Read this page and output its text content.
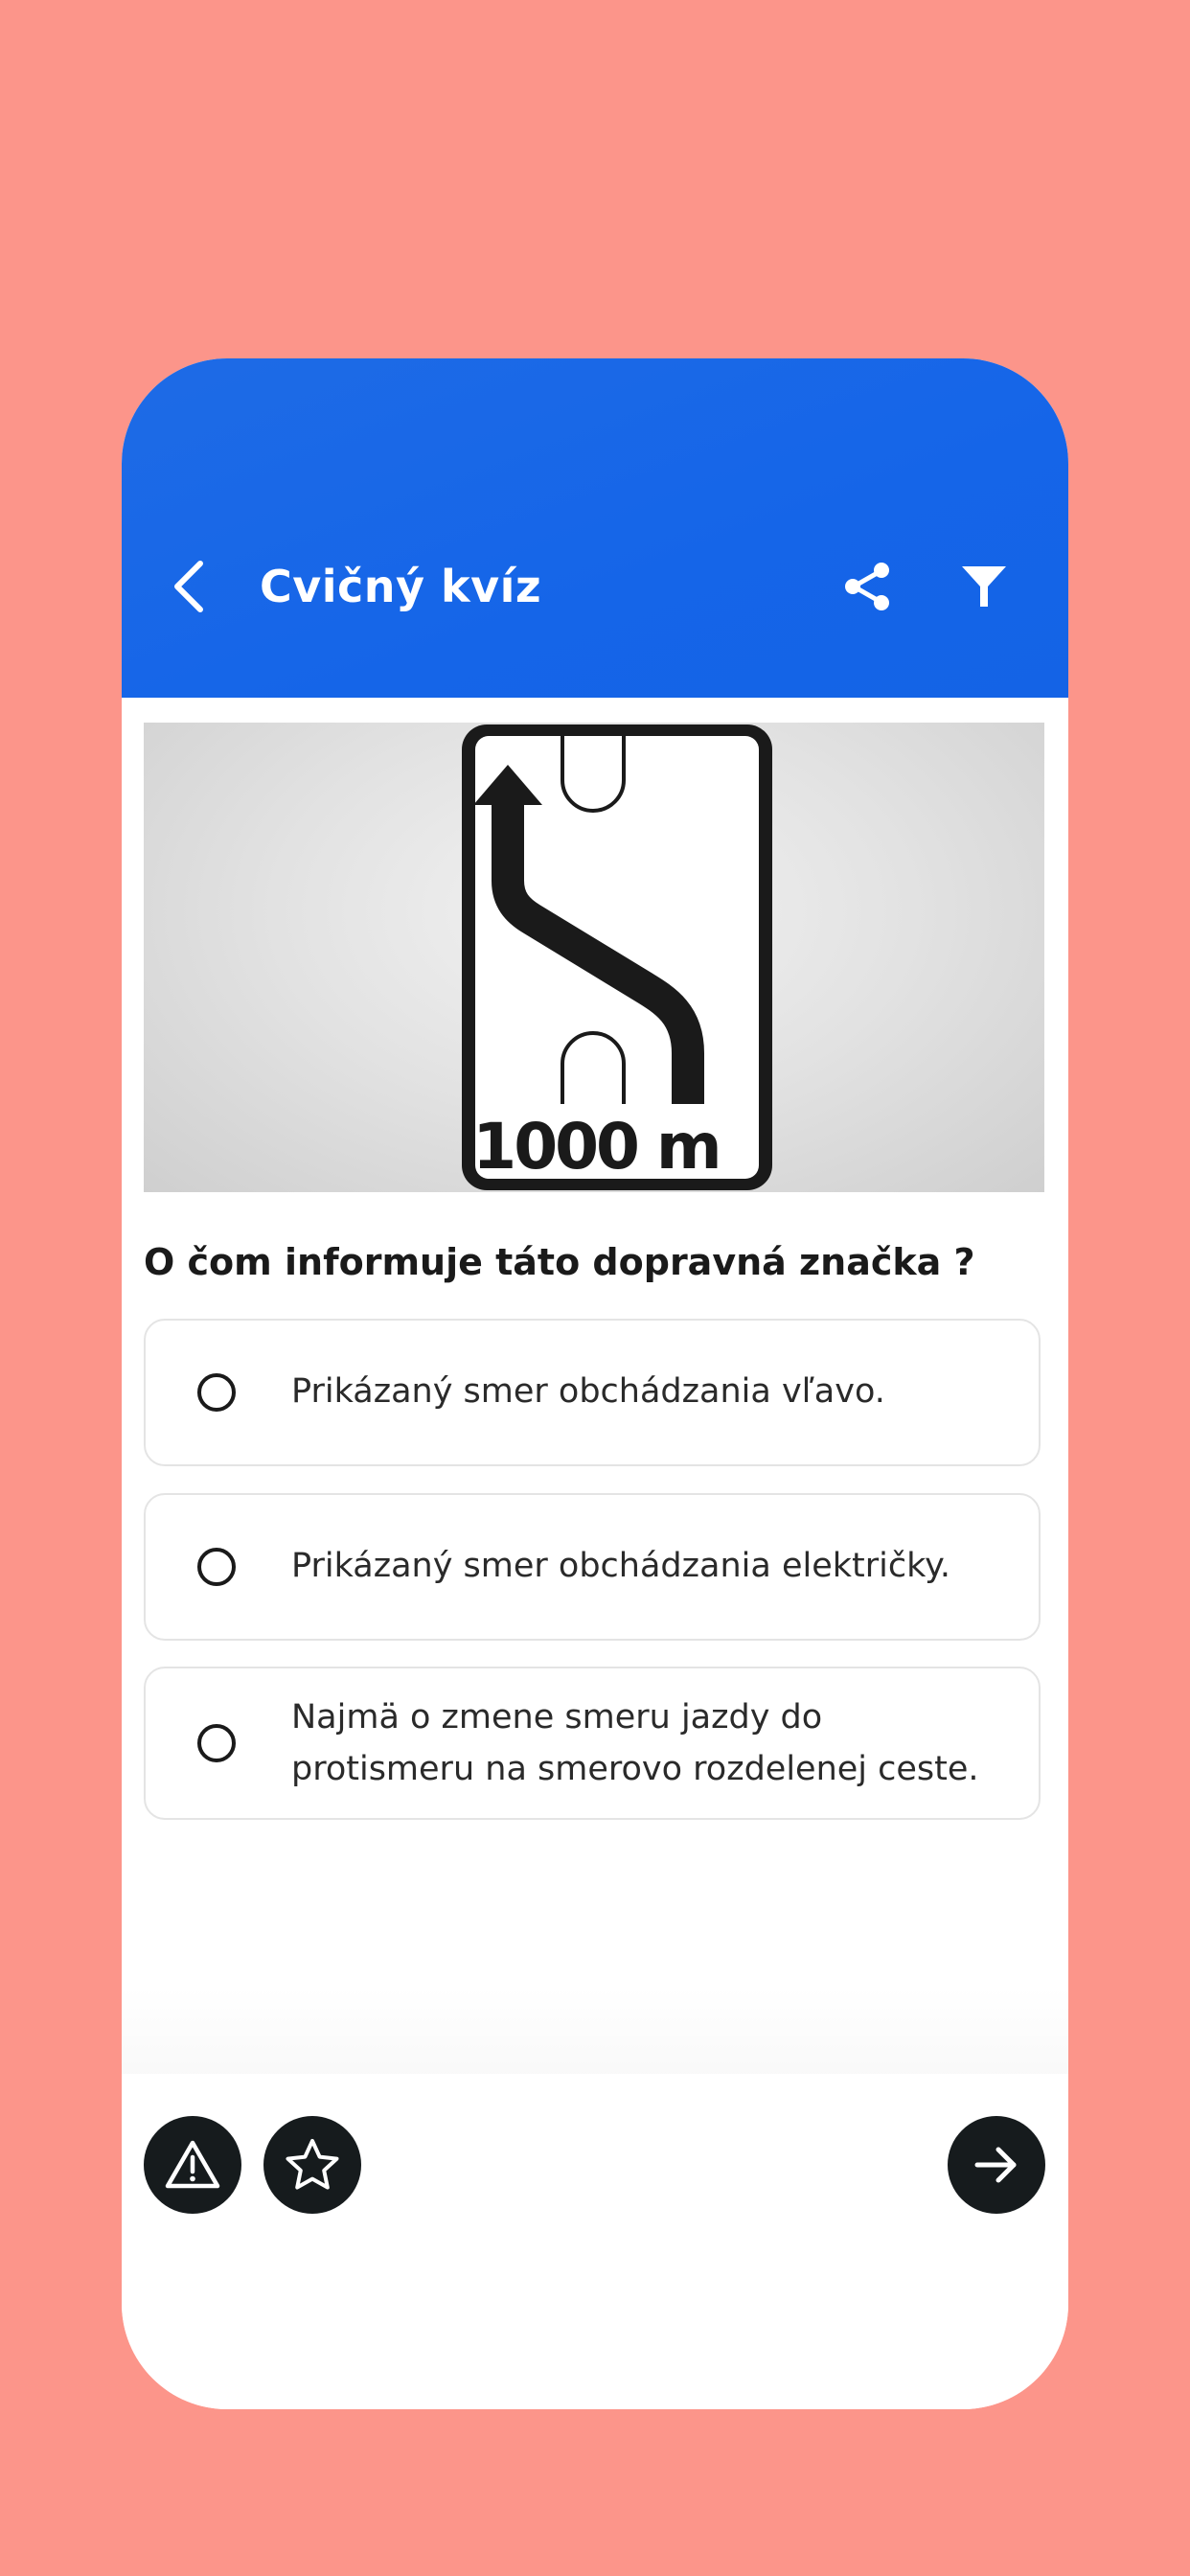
Cvičný kvíz
1000 m
O čom informuje táto dopravná značka ?
Prikázaný smer obchádzania vľavo.
Prikázaný smer obchádzania električky.
Najmä o zmene smeru jazdy do protismeru na smerovo rozdelenej ceste.
